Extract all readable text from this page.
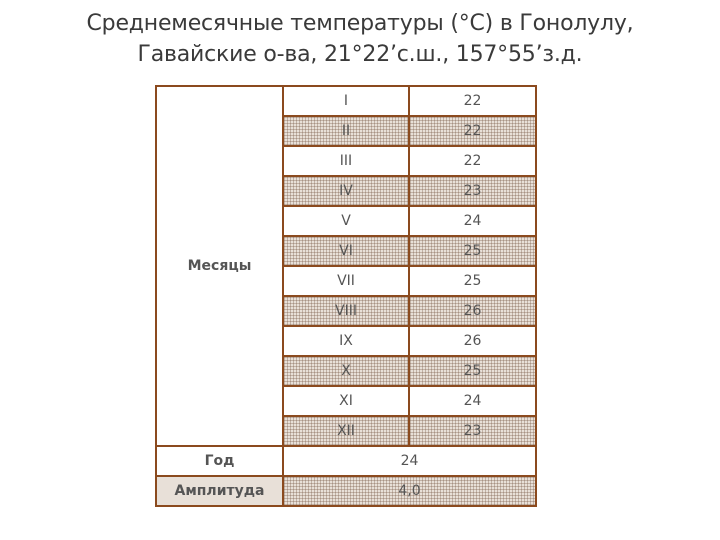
Среднемесячные температуры (°С) в Гонолулу,
Гавайские о-ва, 21°22’с.ш., 157°55’з.д.
Месяцы	I	22
	II	22
	III	22
	IV	23
	V	24
	VI	25
	VII	25
	VIII	26
	IX	26
	X	25
	XI	24
	XII	23
Год	24	
Амплитуда	4,0	
